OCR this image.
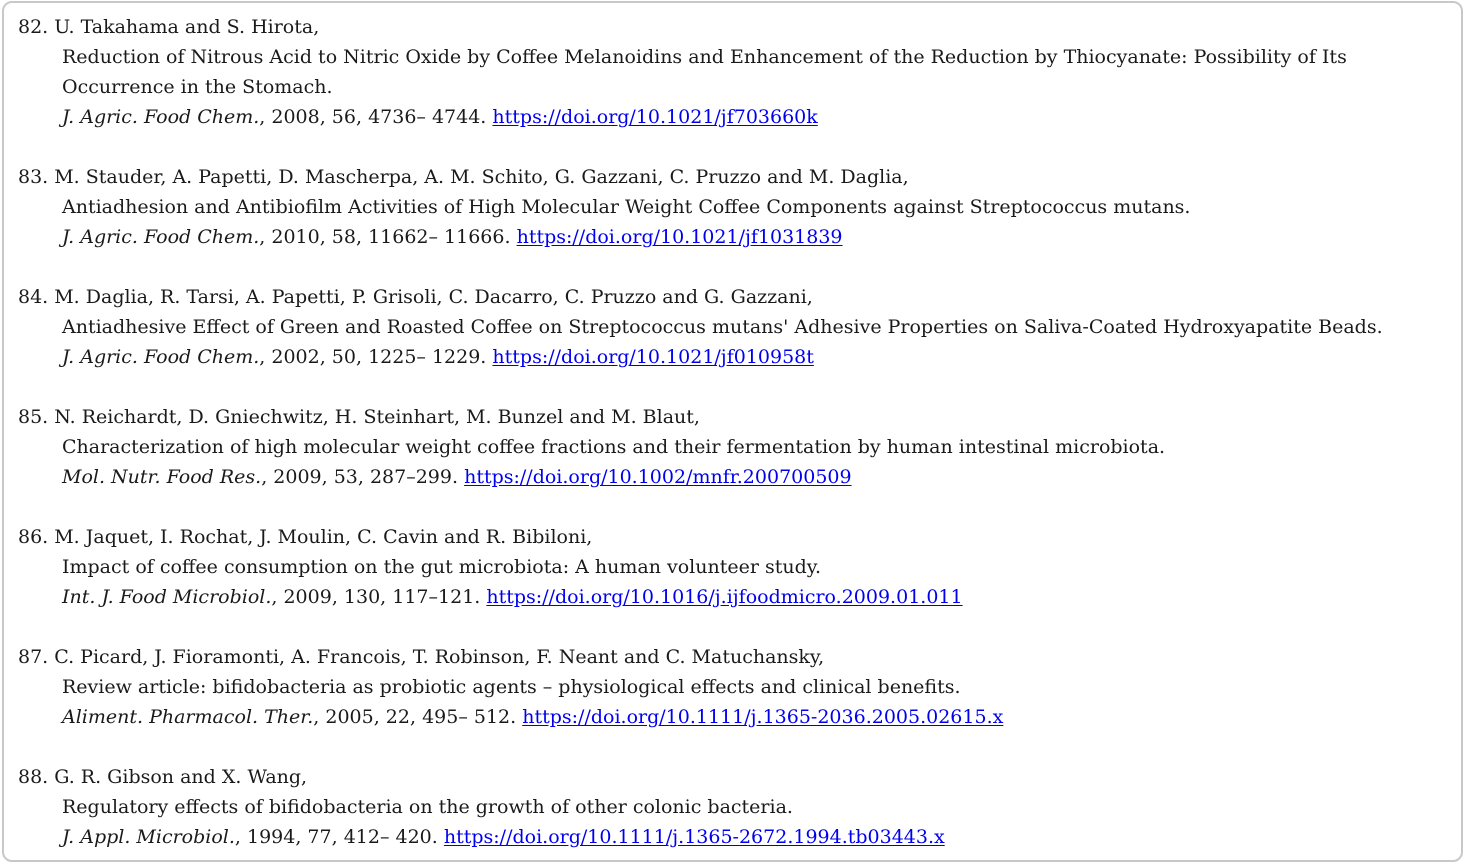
82. U. Takahama and S. Hirota,
Reduction of Nitrous Acid to Nitric Oxide by Coffee Melanoidins and Enhancement of the Reduction by Thiocyanate: Possibility of Its Occurrence in the Stomach.
J. Agric. Food Chem., 2008, 56, 4736– 4744. https://doi.org/10.1021/jf703660k
83. M. Stauder, A. Papetti, D. Mascherpa, A. M. Schito, G. Gazzani, C. Pruzzo and M. Daglia,
Antiadhesion and Antibiofilm Activities of High Molecular Weight Coffee Components against Streptococcus mutans.
J. Agric. Food Chem., 2010, 58, 11662– 11666. https://doi.org/10.1021/jf1031839
84. M. Daglia, R. Tarsi, A. Papetti, P. Grisoli, C. Dacarro, C. Pruzzo and G. Gazzani,
Antiadhesive Effect of Green and Roasted Coffee on Streptococcus mutans' Adhesive Properties on Saliva-Coated Hydroxyapatite Beads.
J. Agric. Food Chem., 2002, 50, 1225– 1229. https://doi.org/10.1021/jf010958t
85. N. Reichardt, D. Gniechwitz, H. Steinhart, M. Bunzel and M. Blaut,
Characterization of high molecular weight coffee fractions and their fermentation by human intestinal microbiota.
Mol. Nutr. Food Res., 2009, 53, 287–299. https://doi.org/10.1002/mnfr.200700509
86. M. Jaquet, I. Rochat, J. Moulin, C. Cavin and R. Bibiloni,
Impact of coffee consumption on the gut microbiota: A human volunteer study.
Int. J. Food Microbiol., 2009, 130, 117–121. https://doi.org/10.1016/j.ijfoodmicro.2009.01.011
87. C. Picard, J. Fioramonti, A. Francois, T. Robinson, F. Neant and C. Matuchansky,
Review article: bifidobacteria as probiotic agents – physiological effects and clinical benefits.
Aliment. Pharmacol. Ther., 2005, 22, 495– 512. https://doi.org/10.1111/j.1365-2036.2005.02615.x
88. G. R. Gibson and X. Wang,
Regulatory effects of bifidobacteria on the growth of other colonic bacteria.
J. Appl. Microbiol., 1994, 77, 412– 420. https://doi.org/10.1111/j.1365-2672.1994.tb03443.x
